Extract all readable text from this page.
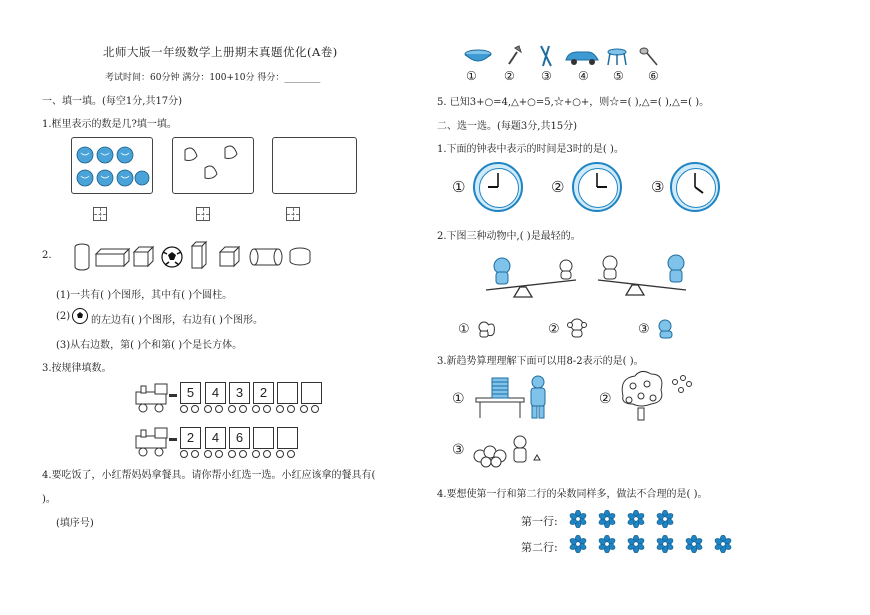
北师大版一年级数学上册期末真题优化(A卷)
考试时间：60分钟 满分：100+10分 得分：________
一、填一填。(每空1分,共17分)
1.框里表示的数是几?填一填。
2.
(1)一共有( )个图形，其中有( )个圆柱。
(2) 的左边有( )个图形，右边有( )个图形。
(3)从右边数，第( )个和第( )个是长方体。
3.按规律填数。
5	4	3	2
2	4	6
4.要吃饭了，小红帮妈妈拿餐具。请你帮小红选一选。小红应该拿的餐具有(
)。
(填序号)
① ② ③ ④ ⑤ ⑥
5. 已知3+○=4,△+○=5,☆+○+，则☆=( ),△=( ),△=( )。
二、选一选。(每题3分,共15分)
1.下面的钟表中表示的时间是3时的是( )。
①	②	③
2.下图三种动物中,( )是最轻的。
①	②	③
3.新趋势算理理解下面可以用8-2表示的是( )。
①	②
③
4.要想使第一行和第二行的朵数同样多，做法不合理的是( )。
第一行:
第二行:
